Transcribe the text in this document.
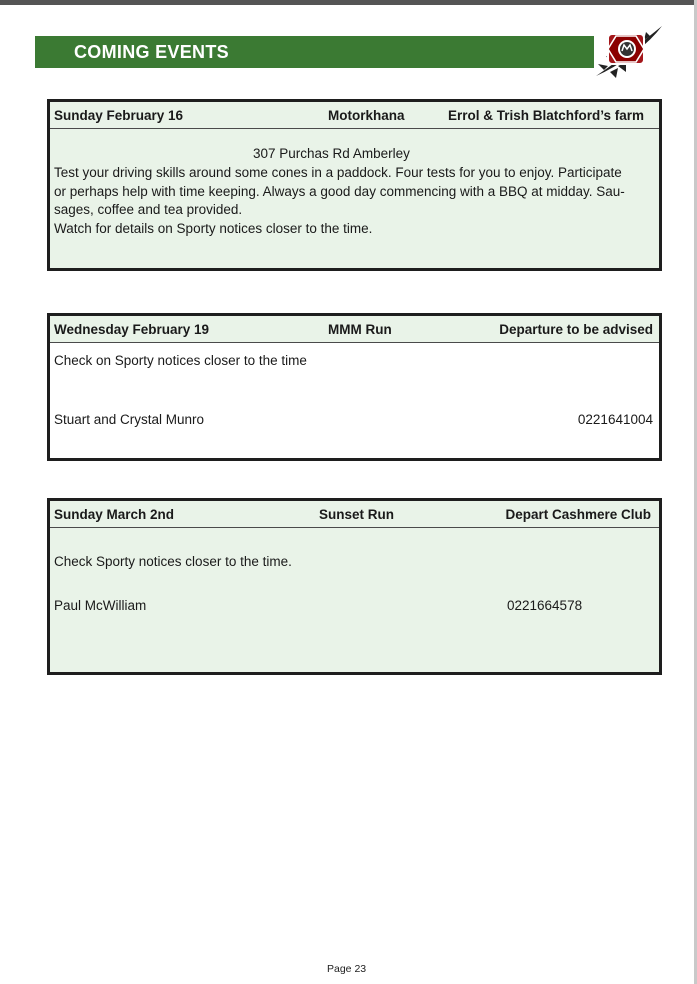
COMING EVENTS
Sunday February 16	Motorkhana	Errol & Trish Blatchford’s farm
307 Purchas Rd Amberley
Test your driving skills around some cones in a paddock. Four tests for you to enjoy. Participate
or perhaps help with time keeping. Always a good day commencing with a BBQ at midday. Sau-
sages, coffee and tea provided.
Watch for details on Sporty notices closer to the time.
Wednesday February 19	MMM Run	Departure to be advised
Check on Sporty notices closer to the time
Stuart and Crystal Munro	0221641004
Sunday March 2nd	Sunset Run	Depart Cashmere Club
Check Sporty notices closer to the time.
Paul McWilliam	0221664578
Page 23
